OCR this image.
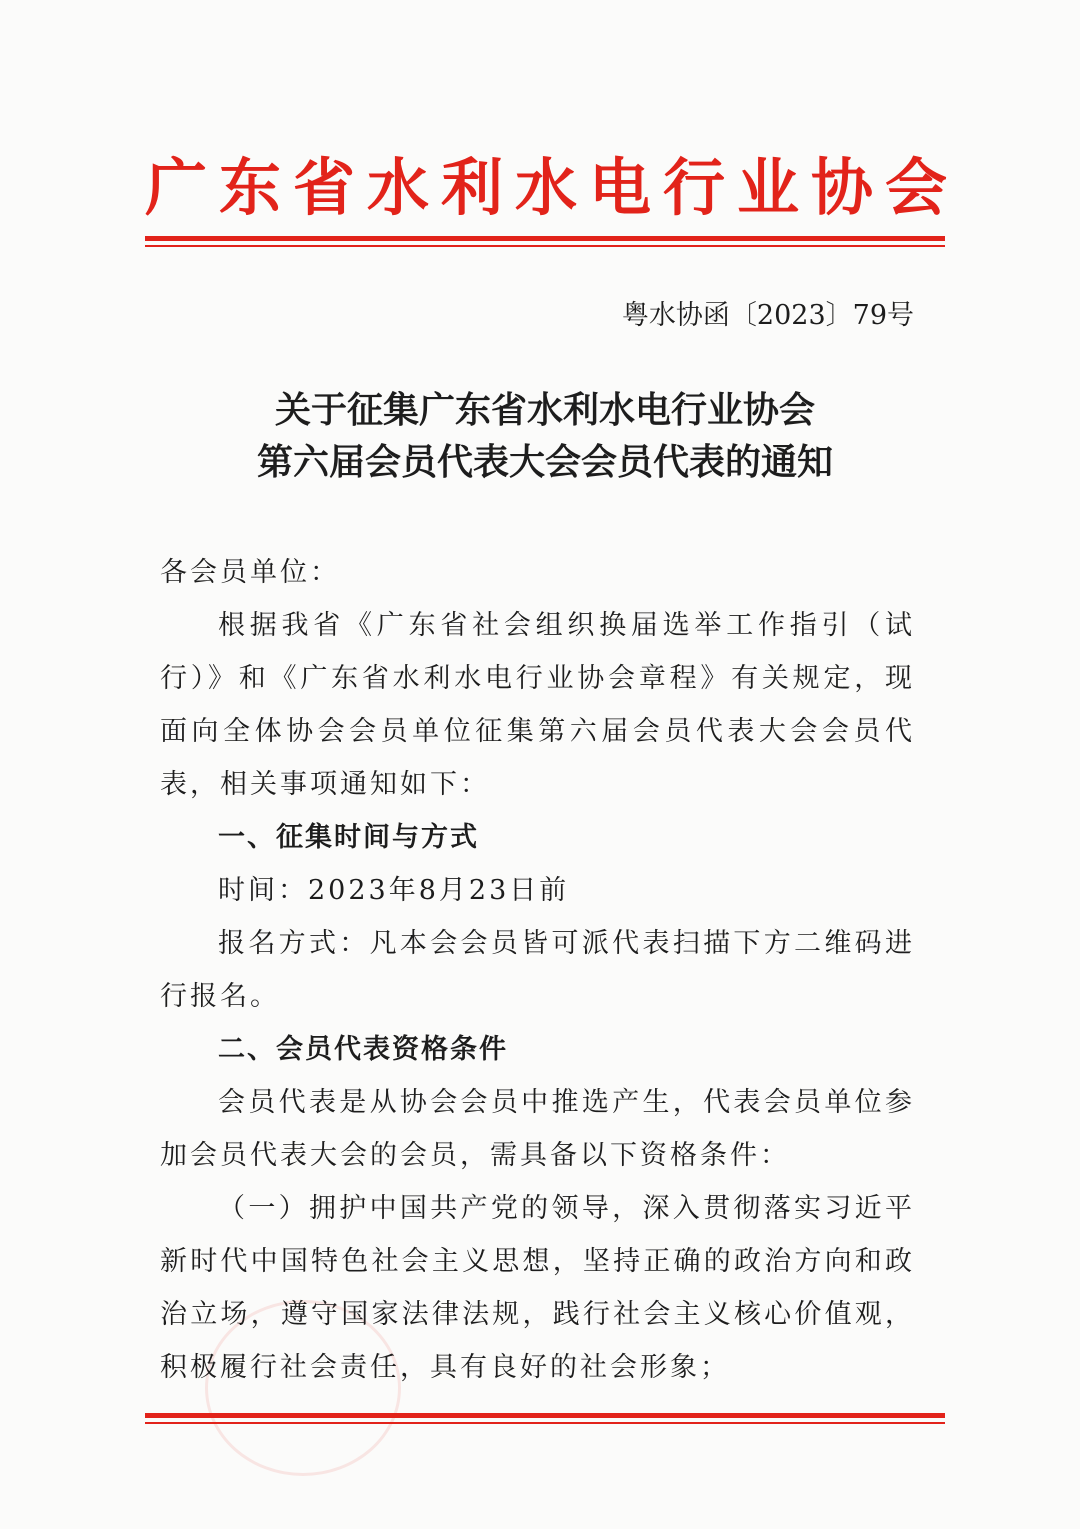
广东省水利水电行业协会
粤水协函〔2023〕79号
关于征集广东省水利水电行业协会
第六届会员代表大会会员代表的通知

各会员单位：

根据我省《广东省社会组织换届选举工作指引（试行）》和《广东省水利水电行业协会章程》有关规定，现面向全体协会会员单位征集第六届会员代表大会会员代表，相关事项通知如下：

一、征集时间与方式

时间：2023年8月23日前

报名方式：凡本会会员皆可派代表扫描下方二维码进行报名。

二、会员代表资格条件

会员代表是从协会会员中推选产生，代表会员单位参加会员代表大会的会员，需具备以下资格条件：

（一）拥护中国共产党的领导，深入贯彻落实习近平新时代中国特色社会主义思想，坚持正确的政治方向和政治立场，遵守国家法律法规，践行社会主义核心价值观，积极履行社会责任，具有良好的社会形象；
